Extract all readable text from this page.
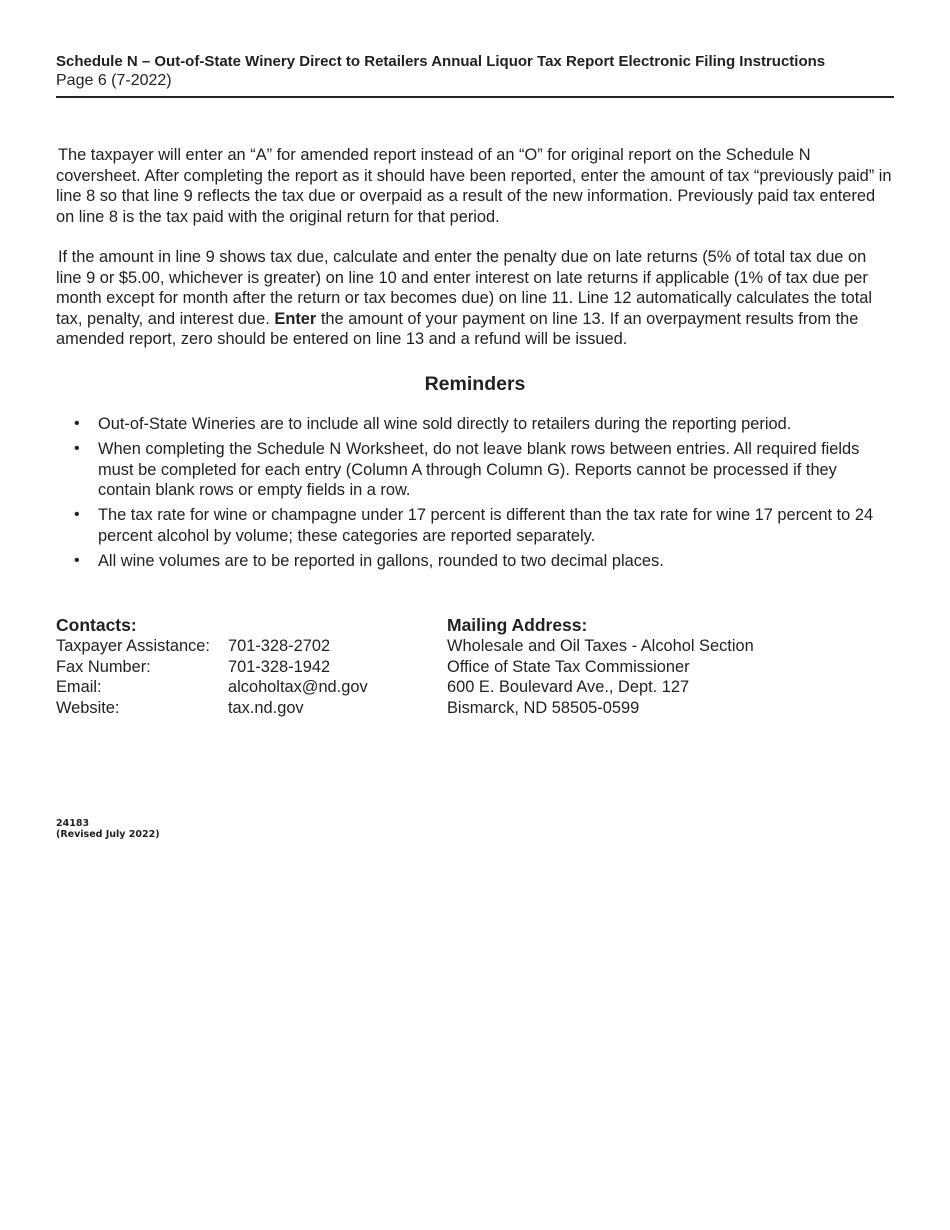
Schedule N – Out-of-State Winery Direct to Retailers Annual Liquor Tax Report Electronic Filing Instructions
Page 6 (7-2022)

The taxpayer will enter an “A” for amended report instead of an “O” for original report on the Schedule N coversheet. After completing the report as it should have been reported, enter the amount of tax “previously paid” in line 8 so that line 9 reflects the tax due or overpaid as a result of the new information. Previously paid tax entered on line 8 is the tax paid with the original return for that period.

If the amount in line 9 shows tax due, calculate and enter the penalty due on late returns (5% of total tax due on line 9 or $5.00, whichever is greater) on line 10 and enter interest on late returns if applicable (1% of tax due per month except for month after the return or tax becomes due) on line 11. Line 12 automatically calculates the total tax, penalty, and interest due. Enter the amount of your payment on line 13. If an overpayment results from the amended report, zero should be entered on line 13 and a refund will be issued.

Reminders
• Out-of-State Wineries are to include all wine sold directly to retailers during the reporting period.
• When completing the Schedule N Worksheet, do not leave blank rows between entries. All required fields must be completed for each entry (Column A through Column G). Reports cannot be processed if they contain blank rows or empty fields in a row.
• The tax rate for wine or champagne under 17 percent is different than the tax rate for wine 17 percent to 24 percent alcohol by volume; these categories are reported separately.
• All wine volumes are to be reported in gallons, rounded to two decimal places.
Contacts:
Taxpayer Assistance:	701-328-2702
Fax Number:	701-328-1942
Email:	alcoholtax@nd.gov
Website:	tax.nd.gov
Mailing Address:
Wholesale and Oil Taxes - Alcohol Section
Office of State Tax Commissioner
600 E. Boulevard Ave., Dept. 127
Bismarck, ND 58505-0599
24183
(Revised July 2022)
